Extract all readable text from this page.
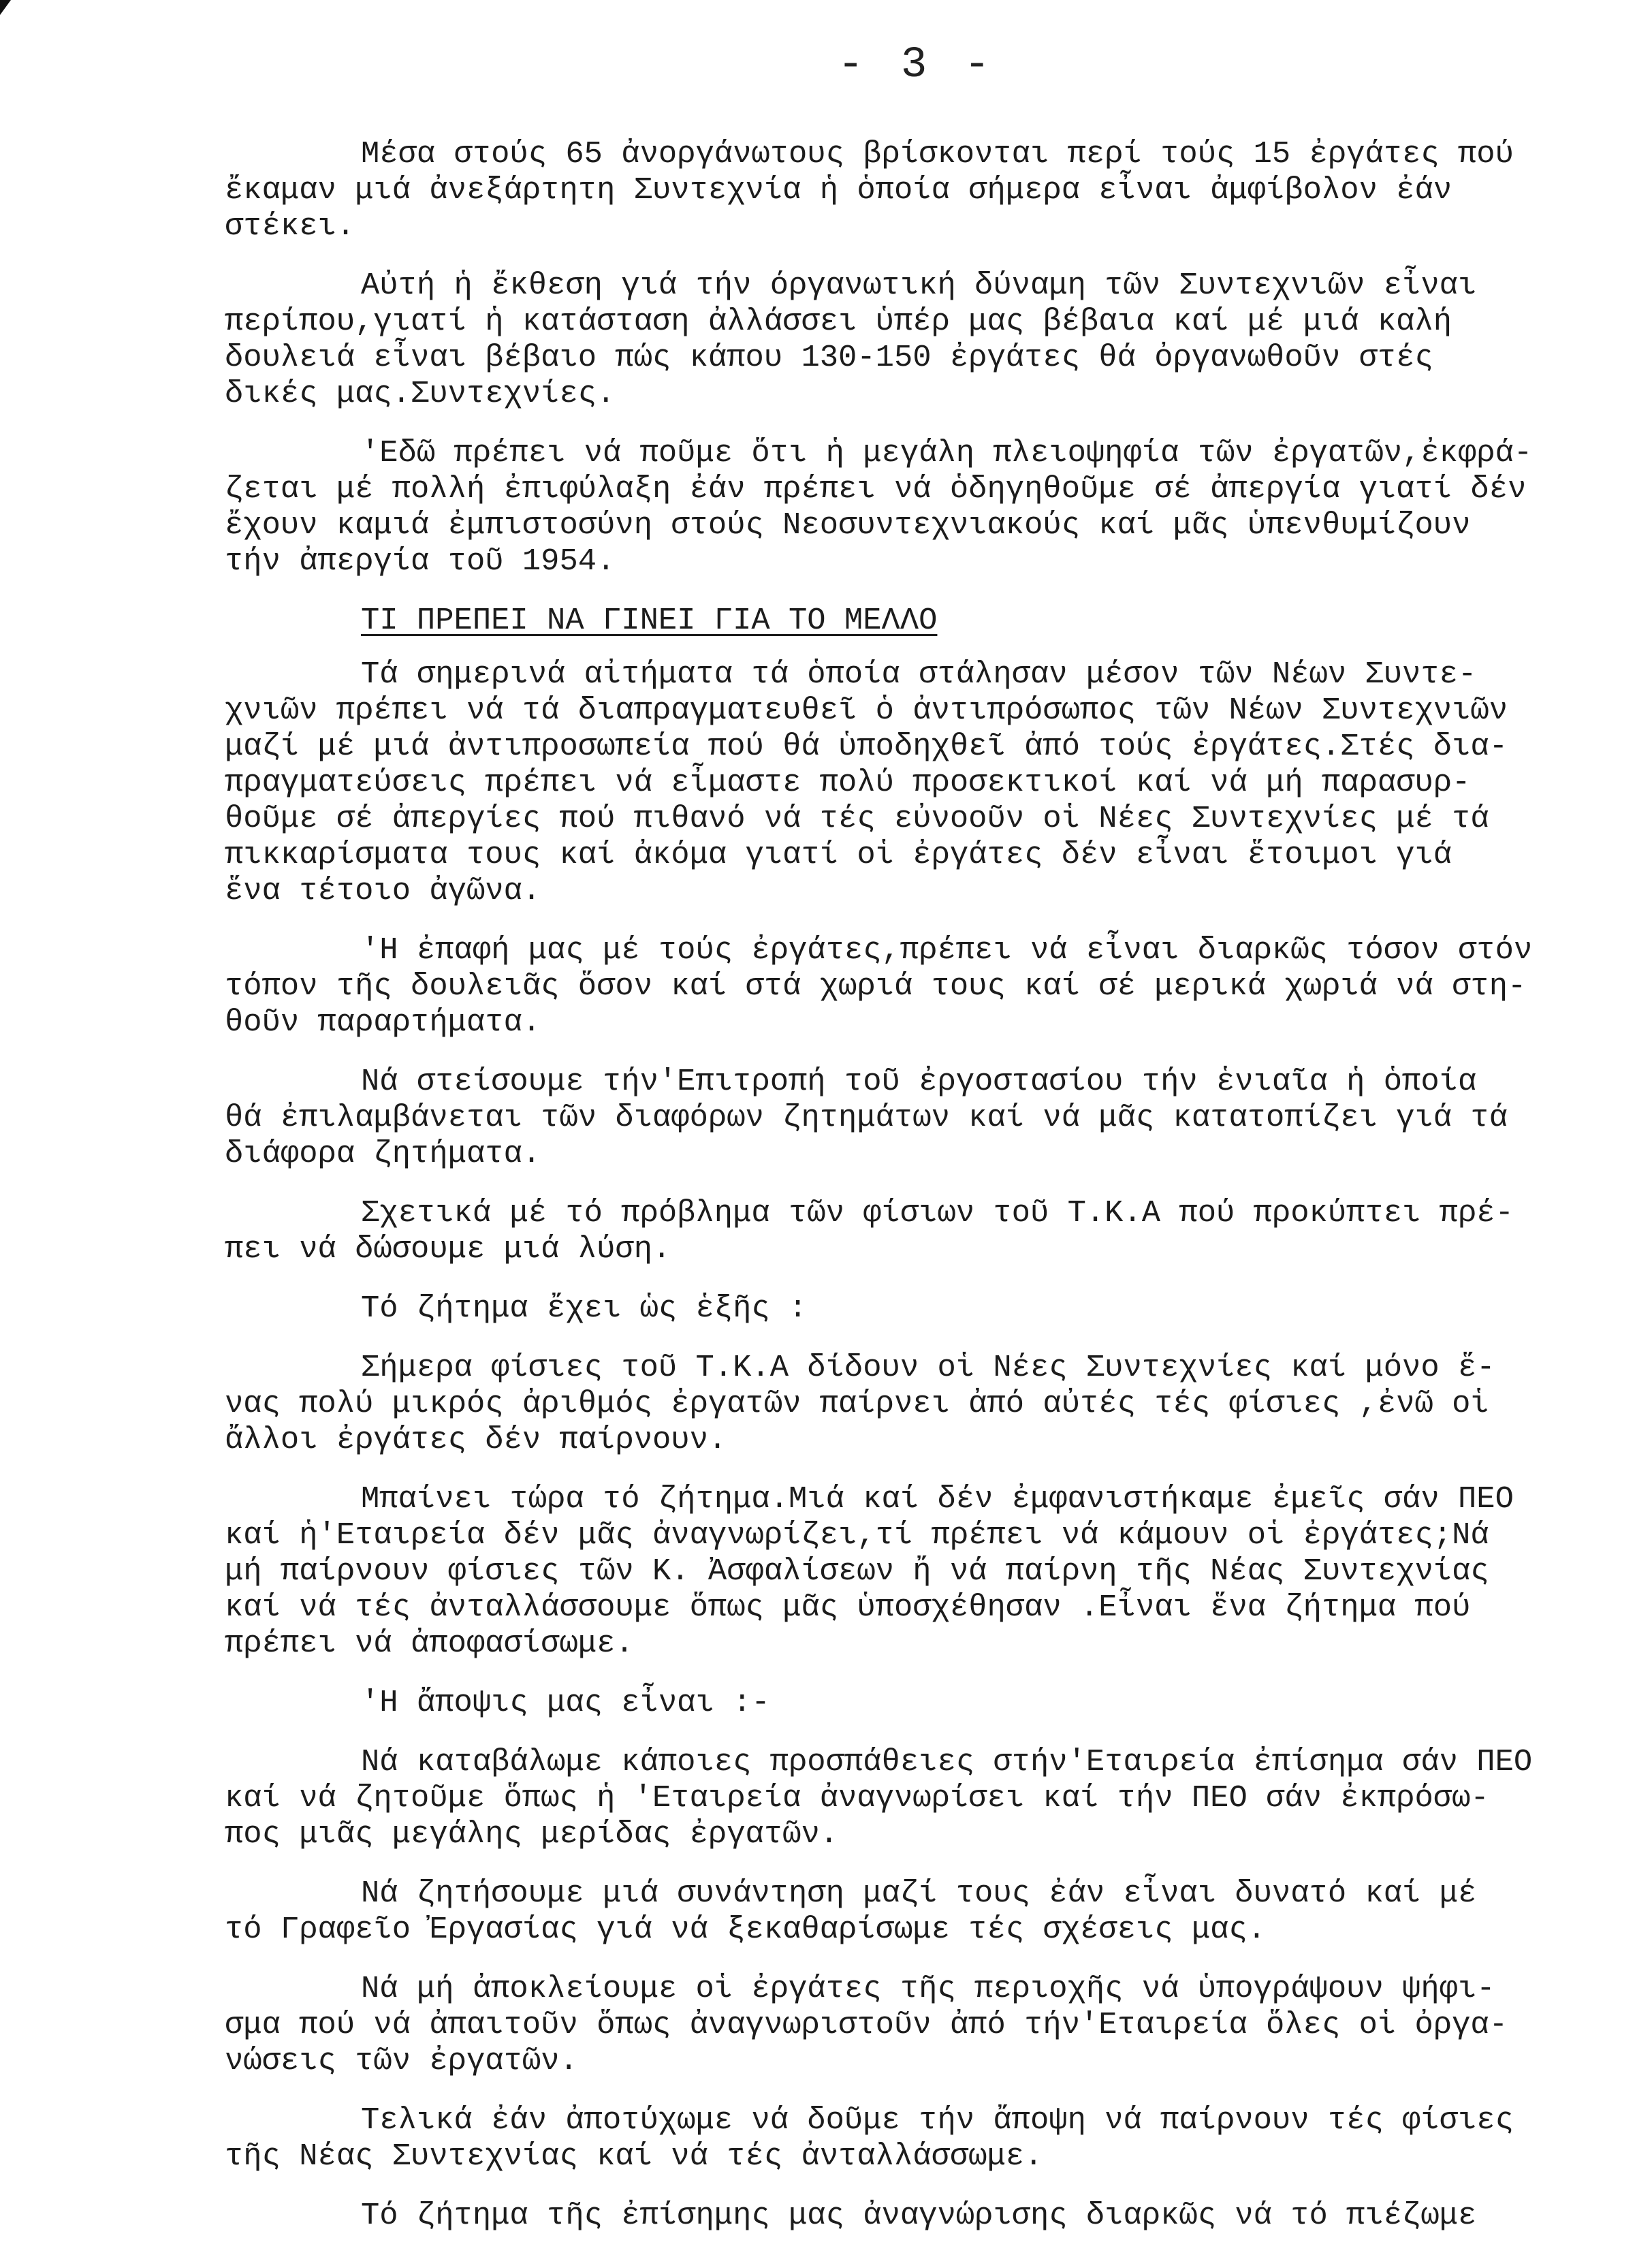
- 3 -

Μέσα στούς 65 ἀνοργάνωτους βρίσκονται περί τούς 15 ἐργάτες πού
ἔκαμαν μιά ἀνεξάρτητη Συντεχνία ἡ ὁποία σήμερα εἶναι ἀμφίβολον ἐάν
στέκει.

Αὐτή ἡ ἔκθεση γιά τήν όργανωτική δύναμη τῶν Συντεχνιῶν εἶναι
περίπου,γιατί ἡ κατάσταση ἀλλάσσει ὑπέρ μας βέβαια καί μέ μιά καλή
δουλειά εἶναι βέβαιο πώς κάπου 130-150 ἐργάτες θά ὀργανωθοῦν στές
δικές μας.Συντεχνίες.

'Εδῶ πρέπει νά ποῦμε ὅτι ἡ μεγάλη πλειοψηφία τῶν ἐργατῶν,ἐκφρά-
ζεται μέ πολλή ἐπιφύλαξη ἐάν πρέπει νά ὁδηγηθοῦμε σέ ἀπεργία γιατί δέν
ἔχουν καμιά ἐμπιστοσύνη στούς Νεοσυντεχνιακούς καί μᾶς ὑπενθυμίζουν
τήν ἀπεργία τοῦ 1954.

ΤΙ ΠΡΕΠΕΙ ΝΑ ΓΙΝΕΙ ΓΙΑ ΤΟ ΜΕΛΛΟ

Τά σημερινά αἰτήματα τά ὁποία στάλησαν μέσον τῶν Νέων Συντε-
χνιῶν πρέπει νά τά διαπραγματευθεῖ ὁ ἀντιπρόσωπος τῶν Νέων Συντεχνιῶν
μαζί μέ μιά ἀντιπροσωπεία πού θά ὑποδηχθεῖ ἀπό τούς ἐργάτες.Στές δια-
πραγματεύσεις πρέπει νά εἶμαστε πολύ προσεκτικοί καί νά μή παρασυρ-
θοῦμε σέ ἀπεργίες πού πιθανό νά τές εὐνοοῦν οἱ Νέες Συντεχνίες μέ τά
πικκαρίσματα τους καί ἀκόμα γιατί οἱ ἐργάτες δέν εἶναι ἕτοιμοι γιά
ἕνα τέτοιο ἀγῶνα.

'Η ἐπαφή μας μέ τούς ἐργάτες,πρέπει νά εἶναι διαρκῶς τόσον στόν
τόπον τῆς δουλειᾶς ὅσον καί στά χωριά τους καί σέ μερικά χωριά νά στη-
θοῦν παραρτήματα.

Νά στείσουμε τήν'Επιτροπή τοῦ ἐργοστασίου τήν ἑνιαῖα ἡ ὁποία
θά ἐπιλαμβάνεται τῶν διαφόρων ζητημάτων καί νά μᾶς κατατοπίζει γιά τά
διάφορα ζητήματα.

Σχετικά μέ τό πρόβλημα τῶν φίσιων τοῦ Τ.Κ.Α πού προκύπτει πρέ-
πει νά δώσουμε μιά λύση.

Τό ζήτημα ἔχει ὡς ἑξῆς :

Σήμερα φίσιες τοῦ Τ.Κ.Α δίδουν οἱ Νέες Συντεχνίες καί μόνο ἕ-
νας πολύ μικρός ἀριθμός ἐργατῶν παίρνει ἀπό αὐτές τές φίσιες ,ἐνῶ οἱ
ἄλλοι ἐργάτες δέν παίρνουν.

Μπαίνει τώρα τό ζήτημα.Μιά καί δέν ἐμφανιστήκαμε ἐμεῖς σάν ΠΕΟ
καί ἡ'Εταιρεία δέν μᾶς ἀναγνωρίζει,τί πρέπει νά κάμουν οἱ ἐργάτες;Νά
μή παίρνουν φίσιες τῶν Κ. Ἀσφαλίσεων ἤ νά παίρνη τῆς Νέας Συντεχνίας
καί νά τές ἀνταλλάσσουμε ὅπως μᾶς ὑποσχέθησαν .Εἶναι ἕνα ζήτημα πού
πρέπει νά ἀποφασίσωμε.

'Η ἄποψις μας εἶναι :-

Νά καταβάλωμε κάποιες προσπάθειες στήν'Εταιρεία ἐπίσημα σάν ΠΕΟ
καί νά ζητοῦμε ὅπως ἡ 'Εταιρεία ἀναγνωρίσει καί τήν ΠΕΟ σάν ἐκπρόσω-
πος μιᾶς μεγάλης μερίδας ἐργατῶν.

Νά ζητήσουμε μιά συνάντηση μαζί τους ἐάν εἶναι δυνατό καί μέ
τό Γραφεῖο Ἐργασίας γιά νά ξεκαθαρίσωμε τές σχέσεις μας.

Νά μή ἀποκλείουμε οἱ ἐργάτες τῆς περιοχῆς νά ὑπογράψουν ψήφι-
σμα πού νά ἀπαιτοῦν ὅπως ἀναγνωριστοῦν ἀπό τήν'Εταιρεία ὅλες οἱ ὀργα-
νώσεις τῶν ἐργατῶν.

Τελικά ἐάν ἀποτύχωμε νά δοῦμε τήν ἄποψη νά παίρνουν τές φίσιες
τῆς Νέας Συντεχνίας καί νά τές ἀνταλλάσσωμε.

Τό ζήτημα τῆς ἐπίσημης μας ἀναγνώρισης διαρκῶς νά τό πιέζωμε
